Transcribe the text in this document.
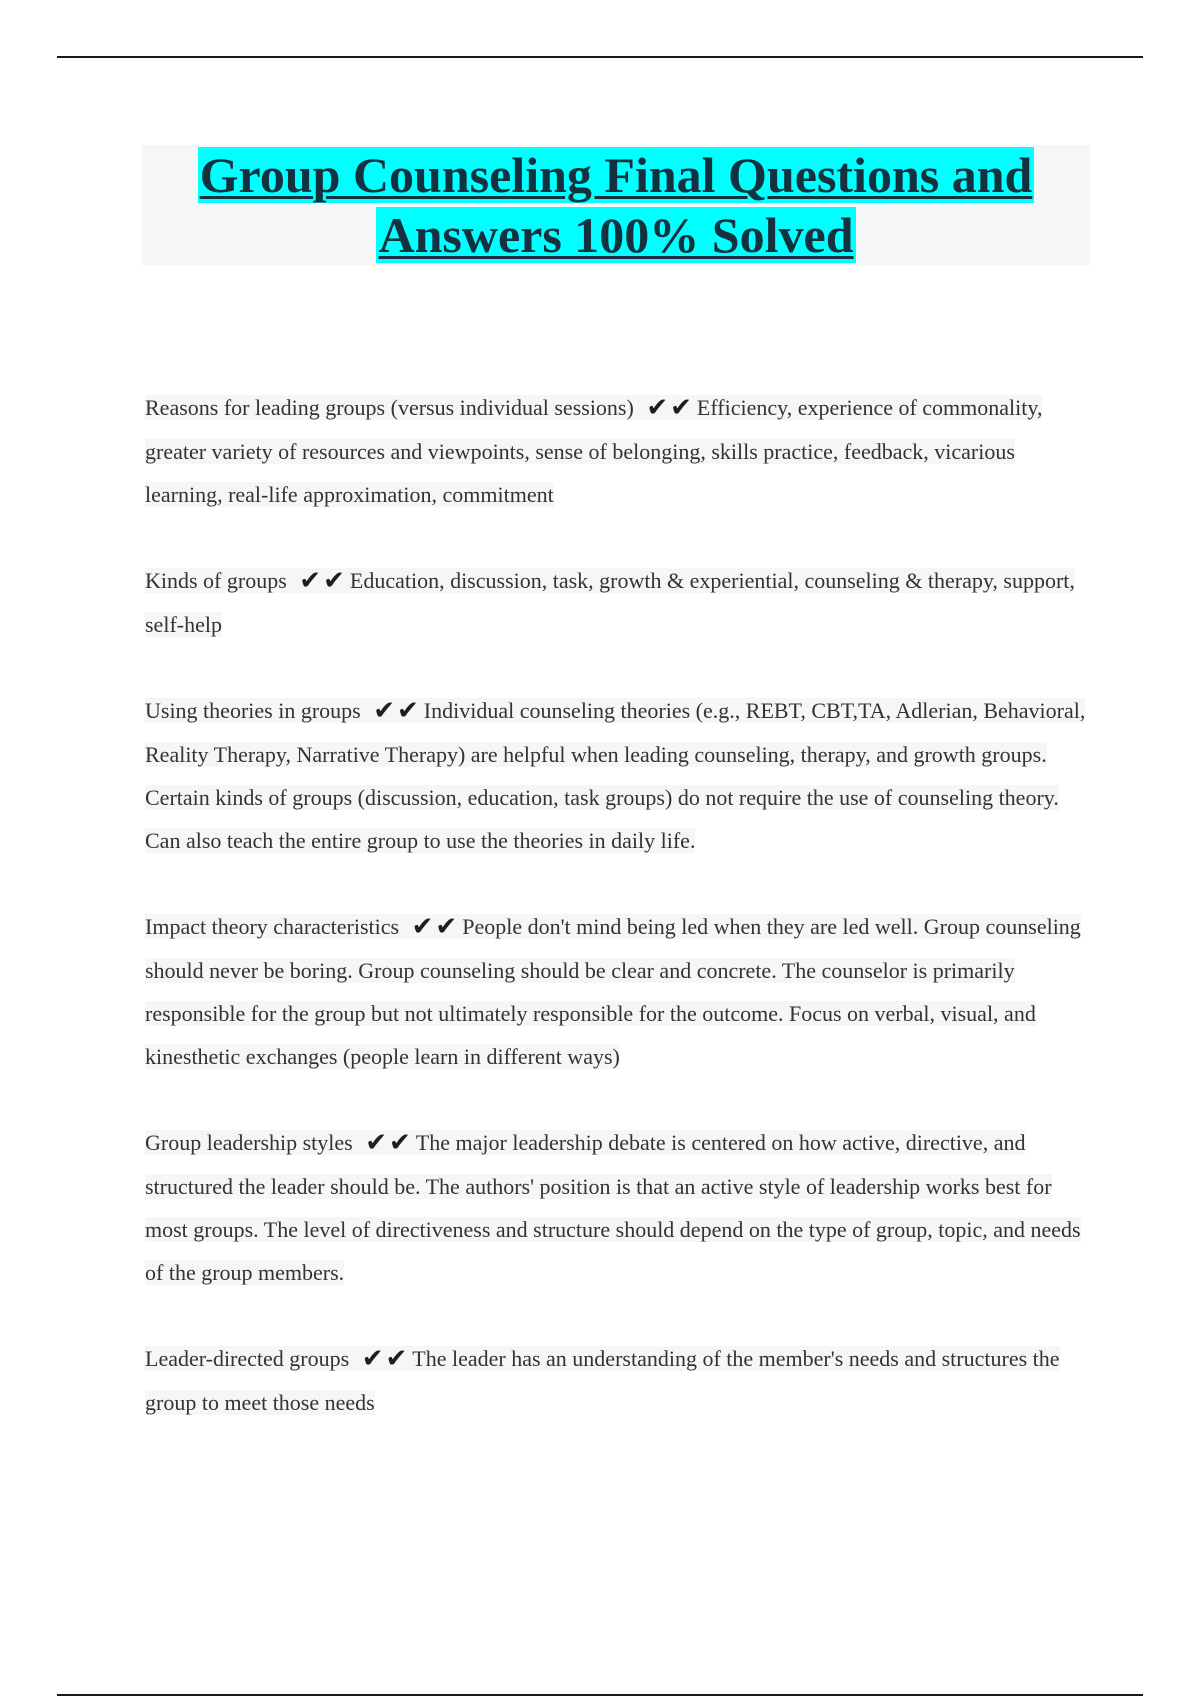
Group Counseling Final Questions and
Answers 100% Solved
Reasons for leading groups (versus individual sessions) ✔✔ Efficiency, experience of commonality, greater variety of resources and viewpoints, sense of belonging, skills practice, feedback, vicarious learning, real-life approximation, commitment
Kinds of groups ✔✔ Education, discussion, task, growth & experiential, counseling & therapy, support, self-help
Using theories in groups ✔✔ Individual counseling theories (e.g., REBT, CBT,TA, Adlerian, Behavioral, Reality Therapy, Narrative Therapy) are helpful when leading counseling, therapy, and growth groups. Certain kinds of groups (discussion, education, task groups) do not require the use of counseling theory. Can also teach the entire group to use the theories in daily life.
Impact theory characteristics ✔✔ People don't mind being led when they are led well. Group counseling should never be boring. Group counseling should be clear and concrete. The counselor is primarily responsible for the group but not ultimately responsible for the outcome. Focus on verbal, visual, and kinesthetic exchanges (people learn in different ways)
Group leadership styles ✔✔ The major leadership debate is centered on how active, directive, and structured the leader should be. The authors' position is that an active style of leadership works best for most groups. The level of directiveness and structure should depend on the type of group, topic, and needs of the group members.
Leader-directed groups ✔✔ The leader has an understanding of the member's needs and structures the group to meet those needs
